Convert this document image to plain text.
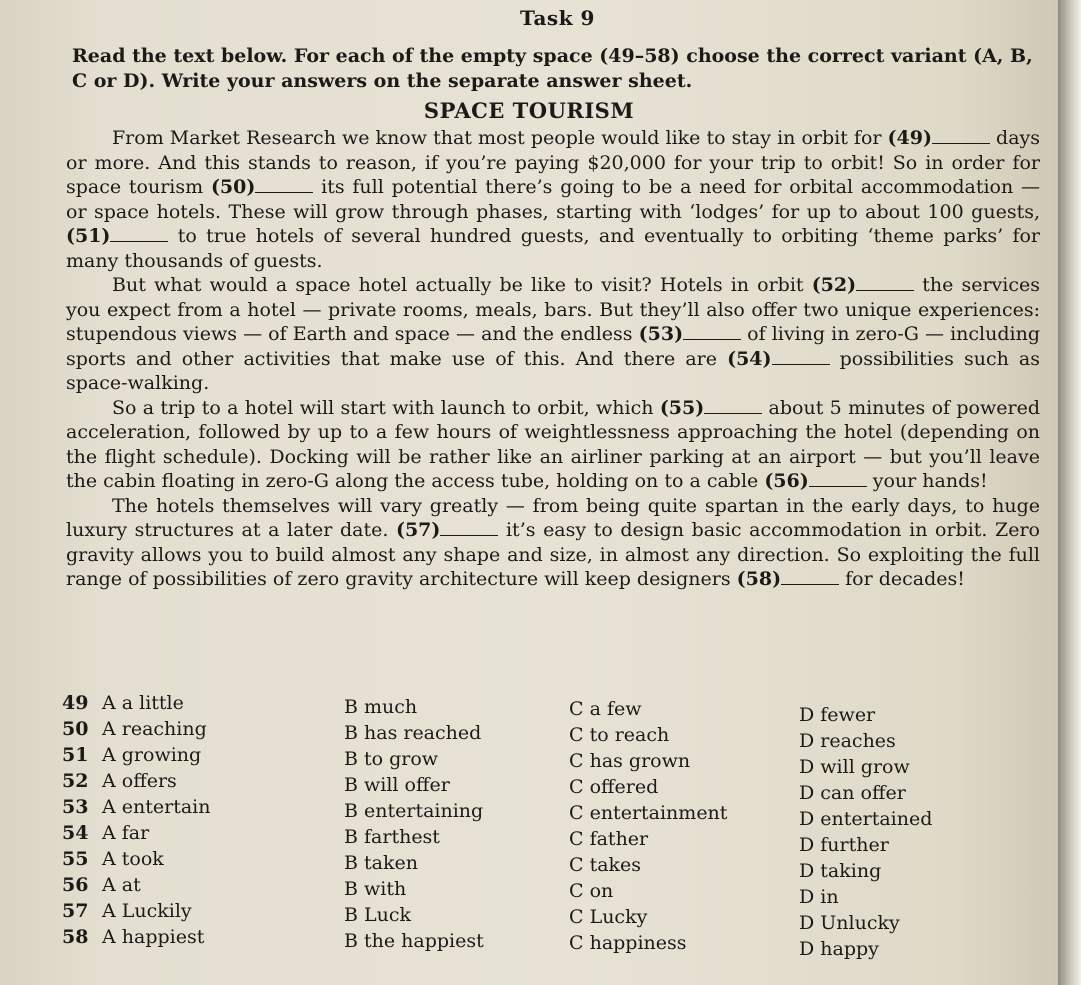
Task 9
Read the text below. For each of the empty space (49–58) choose the correct variant (A, B, C or D). Write your answers on the separate answer sheet.
SPACE TOURISM

From Market Research we know that most people would like to stay in orbit for (49)	days or more. And this stands to reason, if you’re paying $20,000 for your trip to orbit! So in order for space tourism (50)	its full potential there’s going to be a need for orbital accommodation — or space hotels. These will grow through phases, starting with ‘lodges’ for up to about 100 guests, (51)	to true hotels of several hundred guests, and eventually to orbiting ‘theme parks’ for many thousands of guests.

But what would a space hotel actually be like to visit? Hotels in orbit (52)	the services you expect from a hotel — private rooms, meals, bars. But they’ll also offer two unique experiences: stupendous views — of Earth and space — and the endless (53)	of living in zero-G — including sports and other activities that make use of this. And there are (54)	possibilities such as space-walking.

So a trip to a hotel will start with launch to orbit, which (55)	about 5 minutes of powered acceleration, followed by up to a few hours of weightlessness approaching the hotel (depending on the flight schedule). Docking will be rather like an airliner parking at an airport — but you’ll leave the cabin floating in zero-G along the access tube, holding on to a cable (56)	your hands!

The hotels themselves will vary greatly — from being quite spartan in the early days, to huge luxury structures at a later date. (57)	it’s easy to design basic accommodation in orbit. Zero gravity allows you to build almost any shape and size, in almost any direction. So exploiting the full range of possibilities of zero gravity architecture will keep designers (58)	for decades!

49 A a little	B much	C a few	D fewer
50 A reaching	B has reached	C to reach	D reaches
51 A growing	B to grow	C has grown	D will grow
52 A offers	B will offer	C offered	D can offer
53 A entertain	B entertaining	C entertainment	D entertained
54 A far	B farthest	C father	D further
55 A took	B taken	C takes	D taking
56 A at	B with	C on	D in
57 A Luckily	B Luck	C Lucky	D Unlucky
58 A happiest	B the happiest	C happiness	D happy
